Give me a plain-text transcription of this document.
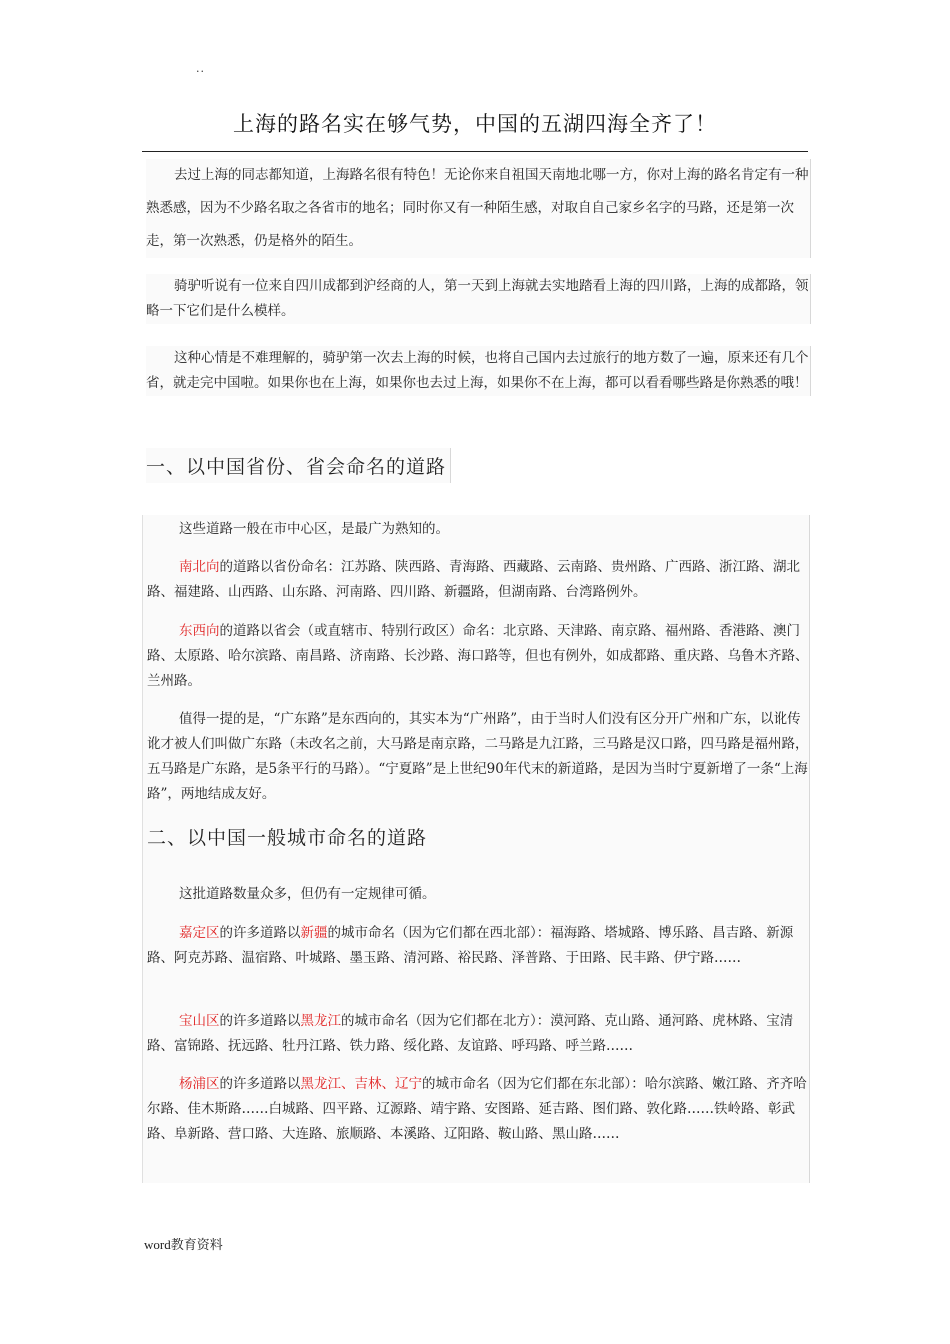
..
上海的路名实在够气势，中国的五湖四海全齐了！
去过上海的同志都知道，上海路名很有特色！无论你来自祖国天南地北哪一方，你对上海的路名肯定有一种熟悉感，因为不少路名取之各省市的地名；同时你又有一种陌生感，对取自自己家乡名字的马路，还是第一次走，第一次熟悉，仍是格外的陌生。
骑驴听说有一位来自四川成都到沪经商的人，第一天到上海就去实地踏看上海的四川路，上海的成都路，领略一下它们是什么模样。
这种心情是不难理解的，骑驴第一次去上海的时候，也将自己国内去过旅行的地方数了一遍，原来还有几个省，就走完中国啦。如果你也在上海，如果你也去过上海，如果你不在上海，都可以看看哪些路是你熟悉的哦！
一、以中国省份、省会命名的道路
这些道路一般在市中心区，是最广为熟知的。
南北向的道路以省份命名：江苏路、陕西路、青海路、西藏路、云南路、贵州路、广西路、浙江路、湖北路、福建路、山西路、山东路、河南路、四川路、新疆路，但湖南路、台湾路例外。
东西向的道路以省会（或直辖市、特别行政区）命名：北京路、天津路、南京路、福州路、香港路、澳门路、太原路、哈尔滨路、南昌路、济南路、长沙路、海口路等，但也有例外，如成都路、重庆路、乌鲁木齐路、兰州路。
值得一提的是，“广东路”是东西向的，其实本为“广州路”，由于当时人们没有区分开广州和广东，以讹传讹才被人们叫做广东路（未改名之前，大马路是南京路，二马路是九江路，三马路是汉口路，四马路是福州路，五马路是广东路，是5条平行的马路）。“宁夏路”是上世纪90年代末的新道路，是因为当时宁夏新增了一条“上海路”，两地结成友好。
二、以中国一般城市命名的道路
这批道路数量众多，但仍有一定规律可循。
嘉定区的许多道路以新疆的城市命名（因为它们都在西北部）：福海路、塔城路、博乐路、昌吉路、新源路、阿克苏路、温宿路、叶城路、墨玉路、清河路、裕民路、泽普路、于田路、民丰路、伊宁路……
宝山区的许多道路以黑龙江的城市命名（因为它们都在北方）：漠河路、克山路、通河路、虎林路、宝清路、富锦路、抚远路、牡丹江路、铁力路、绥化路、友谊路、呼玛路、呼兰路……
杨浦区的许多道路以黑龙江、吉林、辽宁的城市命名（因为它们都在东北部）：哈尔滨路、嫩江路、齐齐哈尔路、佳木斯路……白城路、四平路、辽源路、靖宇路、安图路、延吉路、图们路、敦化路……铁岭路、彰武路、阜新路、营口路、大连路、旅顺路、本溪路、辽阳路、鞍山路、黑山路……
word教育资料
